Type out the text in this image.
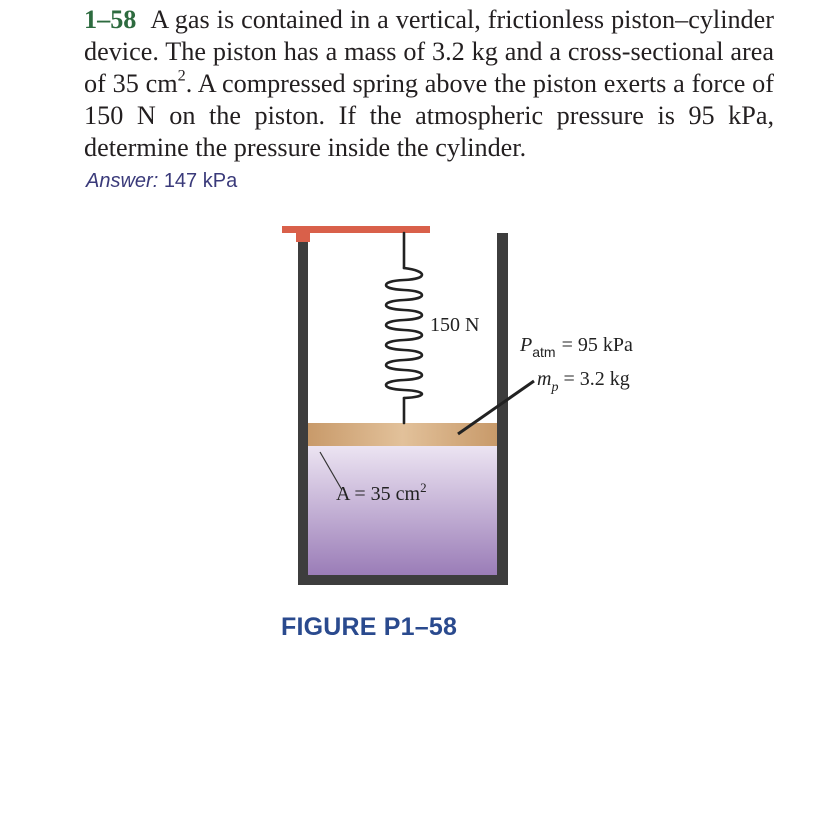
1–58 A gas is contained in a vertical, frictionless piston–cylinder device. The piston has a mass of 3.2 kg and a cross-sectional area of 35 $cm^2$. A compressed spring above the piston exerts a force of 150 N on the piston. If the atmospheric pressure is 95 kPa, determine the pressure inside the cylinder.

Answer: 147 kPa

150 N
$P_{atm} = 95$ kPa
$m_p = 3.2$ kg
A = 35 $cm^2$

FIGURE P1–58
